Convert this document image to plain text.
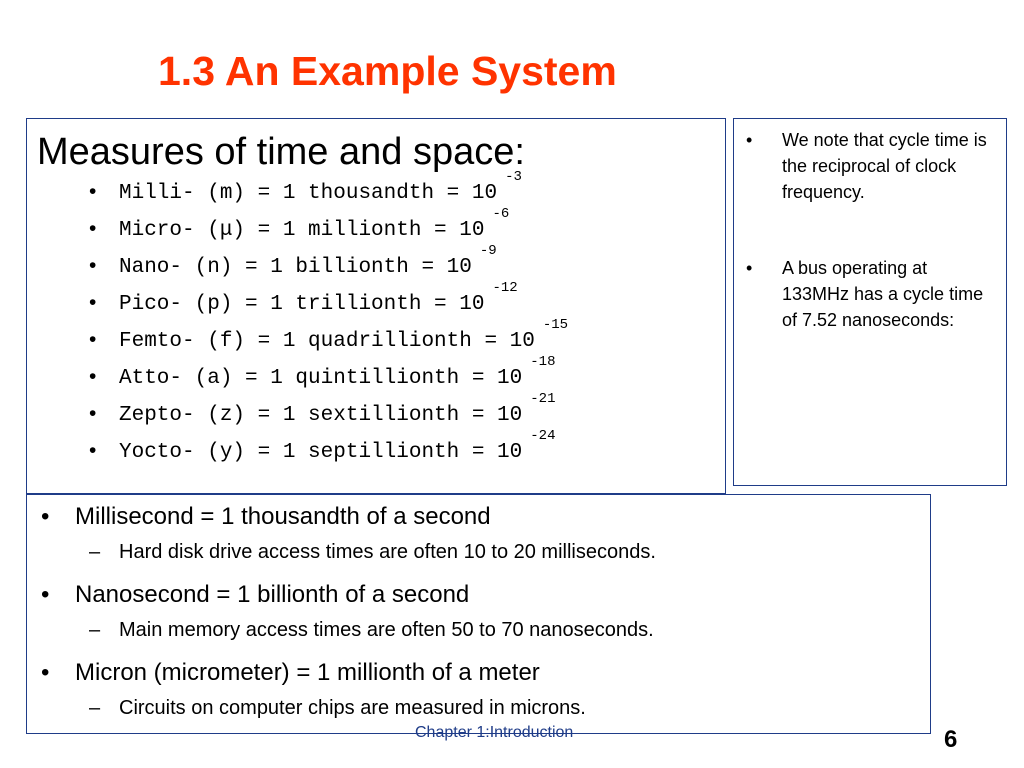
1.3 An Example System
Measures of time and space:
• Milli- (m) = 1 thousandth = $10^{-3}$
• Micro- (μ) = 1 millionth = $10^{-6}$
• Nano- (n) = 1 billionth = $10^{-9}$
• Pico- (p) = 1 trillionth = $10^{-12}$
• Femto- (f) = 1 quadrillionth = $10^{-15}$
• Atto- (a) = 1 quintillionth = $10^{-18}$
• Zepto- (z) = 1 sextillionth = $10^{-21}$
• Yocto- (y) = 1 septillionth = $10^{-24}$
• We note that cycle time is the reciprocal of clock frequency.
• A bus operating at 133MHz has a cycle time of 7.52 nanoseconds:
• Millisecond = 1 thousandth of a second
– Hard disk drive access times are often 10 to 20 milliseconds.
• Nanosecond = 1 billionth of a second
– Main memory access times are often 50 to 70 nanoseconds.
• Micron (micrometer) = 1 millionth of a meter
– Circuits on computer chips are measured in microns.
Chapter 1:Introduction	6
